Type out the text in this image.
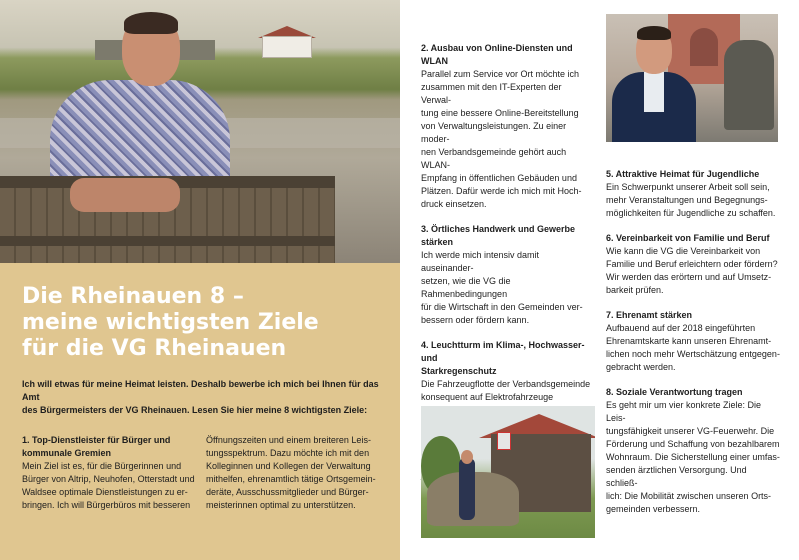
Die Rheinauen 8 –
meine wichtigsten Ziele
für die VG Rheinauen
Ich will etwas für meine Heimat leisten. Deshalb bewerbe ich mich bei Ihnen für das Amt
des Bürgermeisters der VG Rheinauen. Lesen Sie hier meine 8 wichtigsten Ziele:
1. Top-Dienstleister für Bürger und
kommunale Gremien
Mein Ziel ist es, für die Bürgerinnen und
Bürger von Altrip, Neuhofen, Otterstadt und
Waldsee optimale Dienstleistungen zu er-
bringen. Ich will Bürgerbüros mit besseren
Öffnungszeiten und einem breiteren Leis-
tungsspektrum. Dazu möchte ich mit den
Kolleginnen und Kollegen der Verwaltung
mithelfen, ehrenamtlich tätige Ortsgemein-
deräte, Ausschussmitglieder und Bürger-
meisterinnen optimal zu unterstützen.
2. Ausbau von Online-Diensten und WLAN
Parallel zum Service vor Ort möchte ich
zusammen mit den IT-Experten der Verwal-
tung eine bessere Online-Bereitstellung
von Verwaltungsleistungen. Zu einer moder-
nen Verbandsgemeinde gehört auch WLAN-
Empfang in öffentlichen Gebäuden und
Plätzen. Dafür werde ich mich mit Hoch-
druck einsetzen.
3. Örtliches Handwerk und Gewerbe stärken
Ich werde mich intensiv damit auseinander-
setzen, wie die VG die Rahmenbedingungen
für die Wirtschaft in den Gemeinden ver-
bessern oder fördern kann.
4. Leuchtturm im Klima-, Hochwasser- und
Starkregenschutz
Die Fahrzeugflotte der Verbandsgemeinde
konsequent auf Elektrofahrzeuge
5. Attraktive Heimat für Jugendliche
Ein Schwerpunkt unserer Arbeit soll sein,
mehr Veranstaltungen und Begegnungs-
möglichkeiten für Jugendliche zu schaffen.
6. Vereinbarkeit von Familie und Beruf
Wie kann die VG die Vereinbarkeit von
Familie und Beruf erleichtern oder fördern?
Wir werden das erörtern und auf Umsetz-
barkeit prüfen.
7. Ehrenamt stärken
Aufbauend auf der 2018 eingeführten
Ehrenamtskarte kann unseren Ehrenamt-
lichen noch mehr Wertschätzung entgegen-
gebracht werden.
8. Soziale Verantwortung tragen
Es geht mir um vier konkrete Ziele: Die Leis-
tungsfähigkeit unserer VG-Feuerwehr. Die
Förderung und Schaffung von bezahlbarem
Wohnraum. Die Sicherstellung einer umfas-
senden ärztlichen Versorgung. Und schließ-
lich: Die Mobilität zwischen unseren Orts-
gemeinden verbessern.
